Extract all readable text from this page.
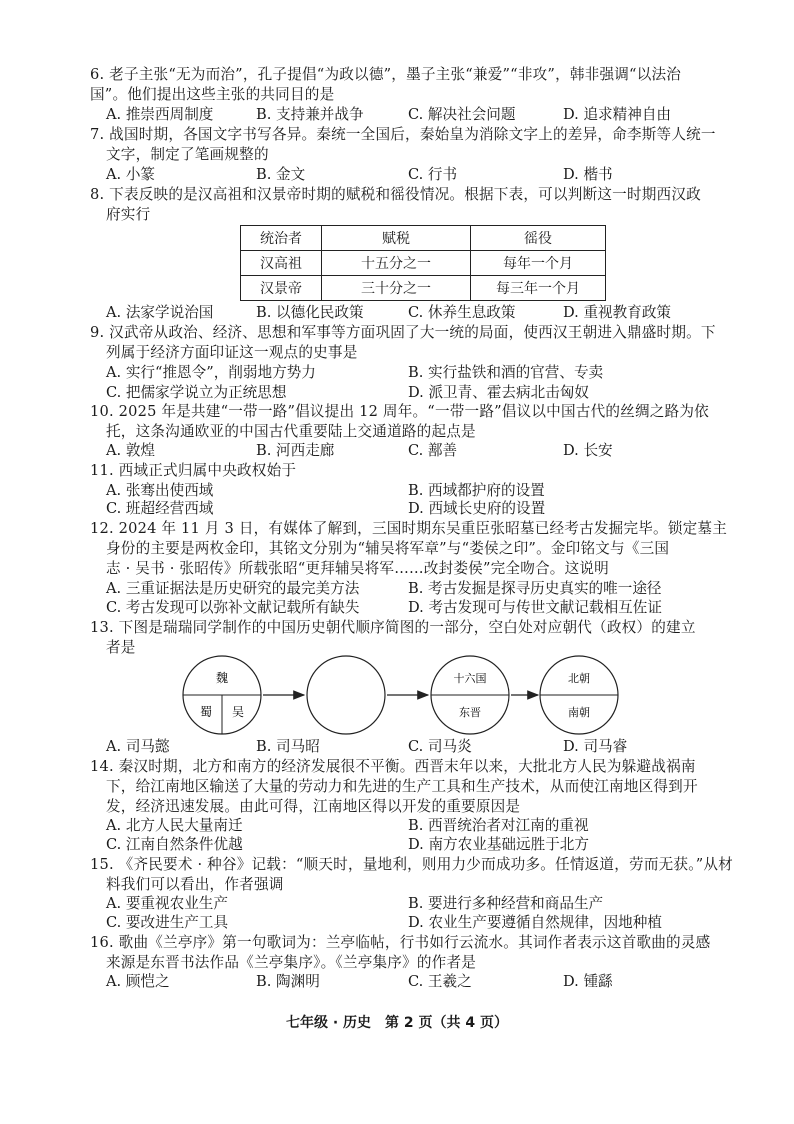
6. 老子主张“无为而治”，孔子提倡“为政以德”，墨子主张“兼爱”“非攻”，韩非强调“以法治
国”。他们提出这些主张的共同目的是
A. 推崇西周制度	B. 支持兼并战争	C. 解决社会问题	D. 追求精神自由
7. 战国时期，各国文字书写各异。秦统一全国后，秦始皇为消除文字上的差异，命李斯等人统一
文字，制定了笔画规整的
A. 小篆	B. 金文	C. 行书	D. 楷书
8. 下表反映的是汉高祖和汉景帝时期的赋税和徭役情况。根据下表，可以判断这一时期西汉政
府实行
统治者	赋税	徭役
汉高祖	十五分之一	每年一个月
汉景帝	三十分之一	每三年一个月
A. 法家学说治国	B. 以德化民政策	C. 休养生息政策	D. 重视教育政策
9. 汉武帝从政治、经济、思想和军事等方面巩固了大一统的局面，使西汉王朝进入鼎盛时期。下
列属于经济方面印证这一观点的史事是
A. 实行“推恩令”，削弱地方势力	B. 实行盐铁和酒的官营、专卖
C. 把儒家学说立为正统思想	D. 派卫青、霍去病北击匈奴
10. 2025 年是共建“一带一路”倡议提出 12 周年。“一带一路”倡议以中国古代的丝绸之路为依
托，这条沟通欧亚的中国古代重要陆上交通道路的起点是
A. 敦煌	B. 河西走廊	C. 鄯善	D. 长安
11. 西域正式归属中央政权始于
A. 张骞出使西域	B. 西域都护府的设置
C. 班超经营西域	D. 西域长史府的设置
12. 2024 年 11 月 3 日，有媒体了解到，三国时期东吴重臣张昭墓已经考古发掘完毕。锁定墓主
身份的主要是两枚金印，其铭文分别为“辅吴将军章”与“娄侯之印”。金印铭文与《三国
志 · 吴书 · 张昭传》所载张昭“更拜辅吴将军……改封娄侯”完全吻合。这说明
A. 三重证据法是历史研究的最完美方法	B. 考古发掘是探寻历史真实的唯一途径
C. 考古发现可以弥补文献记载所有缺失	D. 考古发现可与传世文献记载相互佐证
13. 下图是瑞瑞同学制作的中国历史朝代顺序简图的一部分，空白处对应朝代（政权）的建立
者是
魏
蜀 吴
十六国
东晋
北朝
南朝
A. 司马懿	B. 司马昭	C. 司马炎	D. 司马睿
14. 秦汉时期，北方和南方的经济发展很不平衡。西晋末年以来，大批北方人民为躲避战祸南
下，给江南地区输送了大量的劳动力和先进的生产工具和生产技术，从而使江南地区得到开
发，经济迅速发展。由此可得，江南地区得以开发的重要原因是
A. 北方人民大量南迁	B. 西晋统治者对江南的重视
C. 江南自然条件优越	D. 南方农业基础远胜于北方
15. 《齐民要术 · 种谷》记载：“顺天时，量地利，则用力少而成功多。任情返道，劳而无获。”从材
料我们可以看出，作者强调
A. 要重视农业生产	B. 要进行多种经营和商品生产
C. 要改进生产工具	D. 农业生产要遵循自然规律，因地种植
16. 歌曲《兰亭序》第一句歌词为：兰亭临帖，行书如行云流水。其词作者表示这首歌曲的灵感
来源是东晋书法作品《兰亭集序》。《兰亭集序》的作者是
A. 顾恺之	B. 陶渊明	C. 王羲之	D. 锺繇
七年级 · 历史　第 2 页（共 4 页）
